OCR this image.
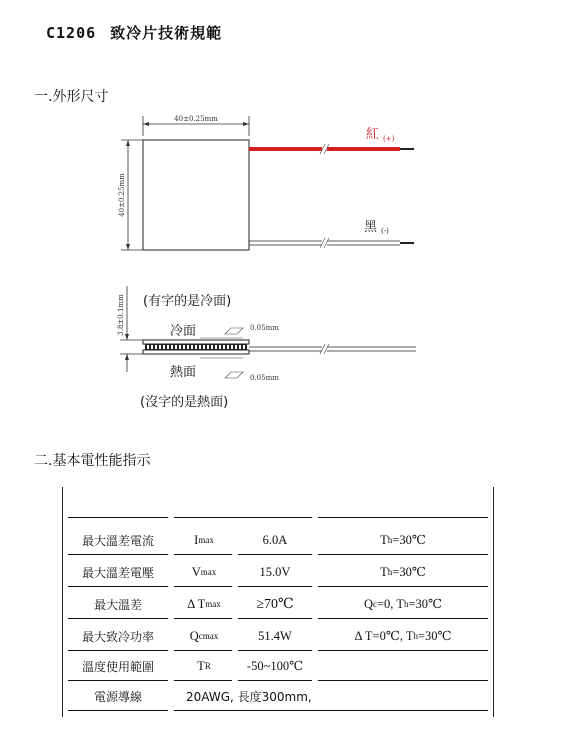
C1206 致冷片技術規範
一.外形尺寸
40±0.25mm
40±0.25mm
紅 (+)
黑 (-)
3.8±0.1mm (有字的是冷面)
冷面	0.05mm
熱面	0.05mm
(沒字的是熱面)
二.基本電性能指示
最大溫差電流	I max	6.0A	T h =30℃
最大溫差電壓	V max	15.0V	T h =30℃
最大溫差	Δ T max	≥70℃	Q c =0, T h =30℃
最大致冷功率	Q cmax	51.4W	Δ T=0℃, T h =30℃
溫度使用範圍	T R	-50~100℃
電源導線	20AWG, 長度300mm,
